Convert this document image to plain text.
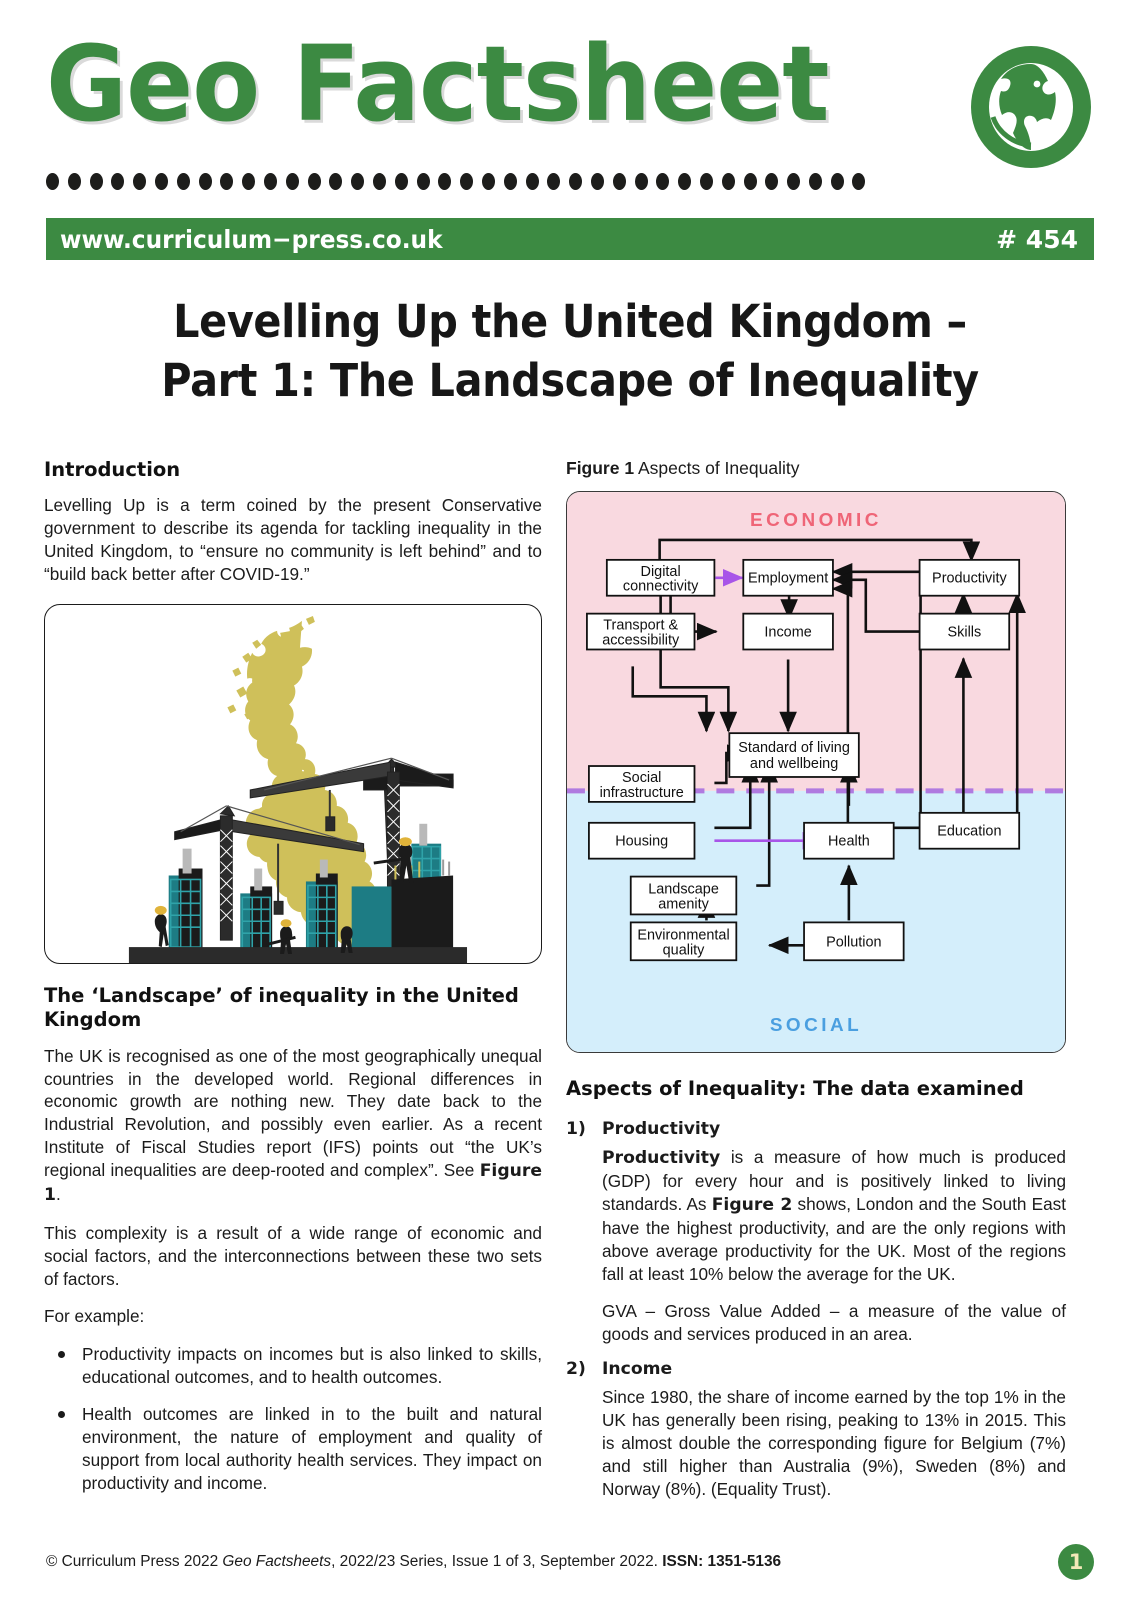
Geo Factsheet
www.curriculum−press.co.uk	# 454
Levelling Up the United Kingdom –
Part 1: The Landscape of Inequality
Introduction

Levelling Up is a term coined by the present Conservative government to describe its agenda for tackling inequality in the United Kingdom, to “ensure no community is left behind” and to “build back better after COVID-19.”

The ‘Landscape’ of inequality in the United Kingdom

The UK is recognised as one of the most geographically unequal countries in the developed world. Regional differences in economic growth are nothing new. They date back to the Industrial Revolution, and possibly even earlier. As a recent Institute of Fiscal Studies report (IFS) points out “the UK’s regional inequalities are deep-rooted and complex”. See Figure 1.

This complexity is a result of a wide range of economic and social factors, and the interconnections between these two sets of factors.

For example:

Productivity impacts on incomes but is also linked to skills, educational outcomes, and to health outcomes.
Health outcomes are linked in to the built and natural environment, the nature of employment and quality of support from local authority health services. They impact on productivity and income.
Figure 1 Aspects of Inequality
ECONOMIC
SOCIAL
Digital
connectivity	Employment	Productivity
Transport &
accessibility	Income	Skills
Standard of living
and wellbeing
Social
infrastructure
Education
Housing	Health
Landscape
amenity
Environmental
quality	Pollution
Aspects of Inequality: The data examined
1) Productivity

Productivity is a measure of how much is produced (GDP) for every hour and is positively linked to living standards. As Figure 2 shows, London and the South East have the highest productivity, and are the only regions with above average productivity for the UK. Most of the regions fall at least 10% below the average for the UK.

GVA – Gross Value Added – a measure of the value of goods and services produced in an area.

2) Income

Since 1980, the share of income earned by the top 1% in the UK has generally been rising, peaking to 13% in 2015. This is almost double the corresponding figure for Belgium (7%) and still higher than Australia (9%), Sweden (8%) and Norway (8%). (Equality Trust).

© Curriculum Press 2022 Geo Factsheets, 2022/23 Series, Issue 1 of 3, September 2022. ISSN: 1351-5136	1
